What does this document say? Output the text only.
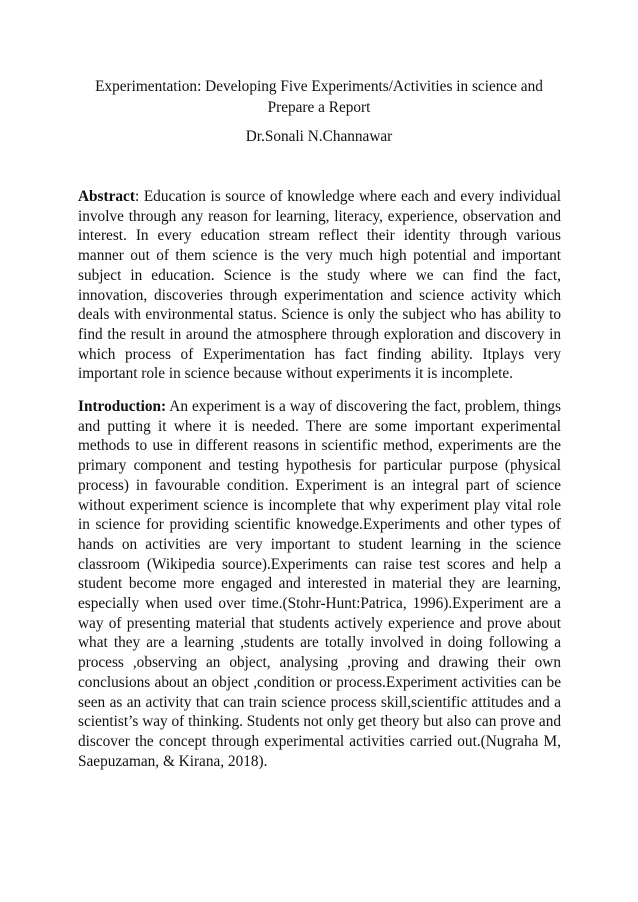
Experimentation: Developing Five Experiments/Activities in science and
Prepare a Report
Dr.Sonali N.Channawar

Abstract: Education is source of knowledge where each and every individual involve through any reason for learning, literacy, experience, observation and interest. In every education stream reflect their identity through various manner out of them science is the very much high potential and important subject in education. Science is the study where we can find the fact, innovation, discoveries through experimentation and science activity which deals with environmental status. Science is only the subject who has ability to find the result in around the atmosphere through exploration and discovery in which process of Experimentation has fact finding ability. Itplays very important role in science because without experiments it is incomplete.

Introduction: An experiment is a way of discovering the fact, problem, things and putting it where it is needed. There are some important experimental methods to use in different reasons in scientific method, experiments are the primary component and testing hypothesis for particular purpose (physical process) in favourable condition. Experiment is an integral part of science without experiment science is incomplete that why experiment play vital role in science for providing scientific knowedge.Experiments and other types of hands on activities are very important to student learning in the science classroom (Wikipedia source).Experiments can raise test scores and help a student become more engaged and interested in material they are learning, especially when used over time.(Stohr-Hunt:Patrica, 1996).Experiment are a way of presenting material that students actively experience and prove about what they are a learning ,students are totally involved in doing following a process ,observing an object, analysing ,proving and drawing their own conclusions about an object ,condition or process.Experiment activities can be seen as an activity that can train science process skill,scientific attitudes and a scientist’s way of thinking. Students not only get theory but also can prove and discover the concept through experimental activities carried out.(Nugraha M, Saepuzaman, & Kirana, 2018).
